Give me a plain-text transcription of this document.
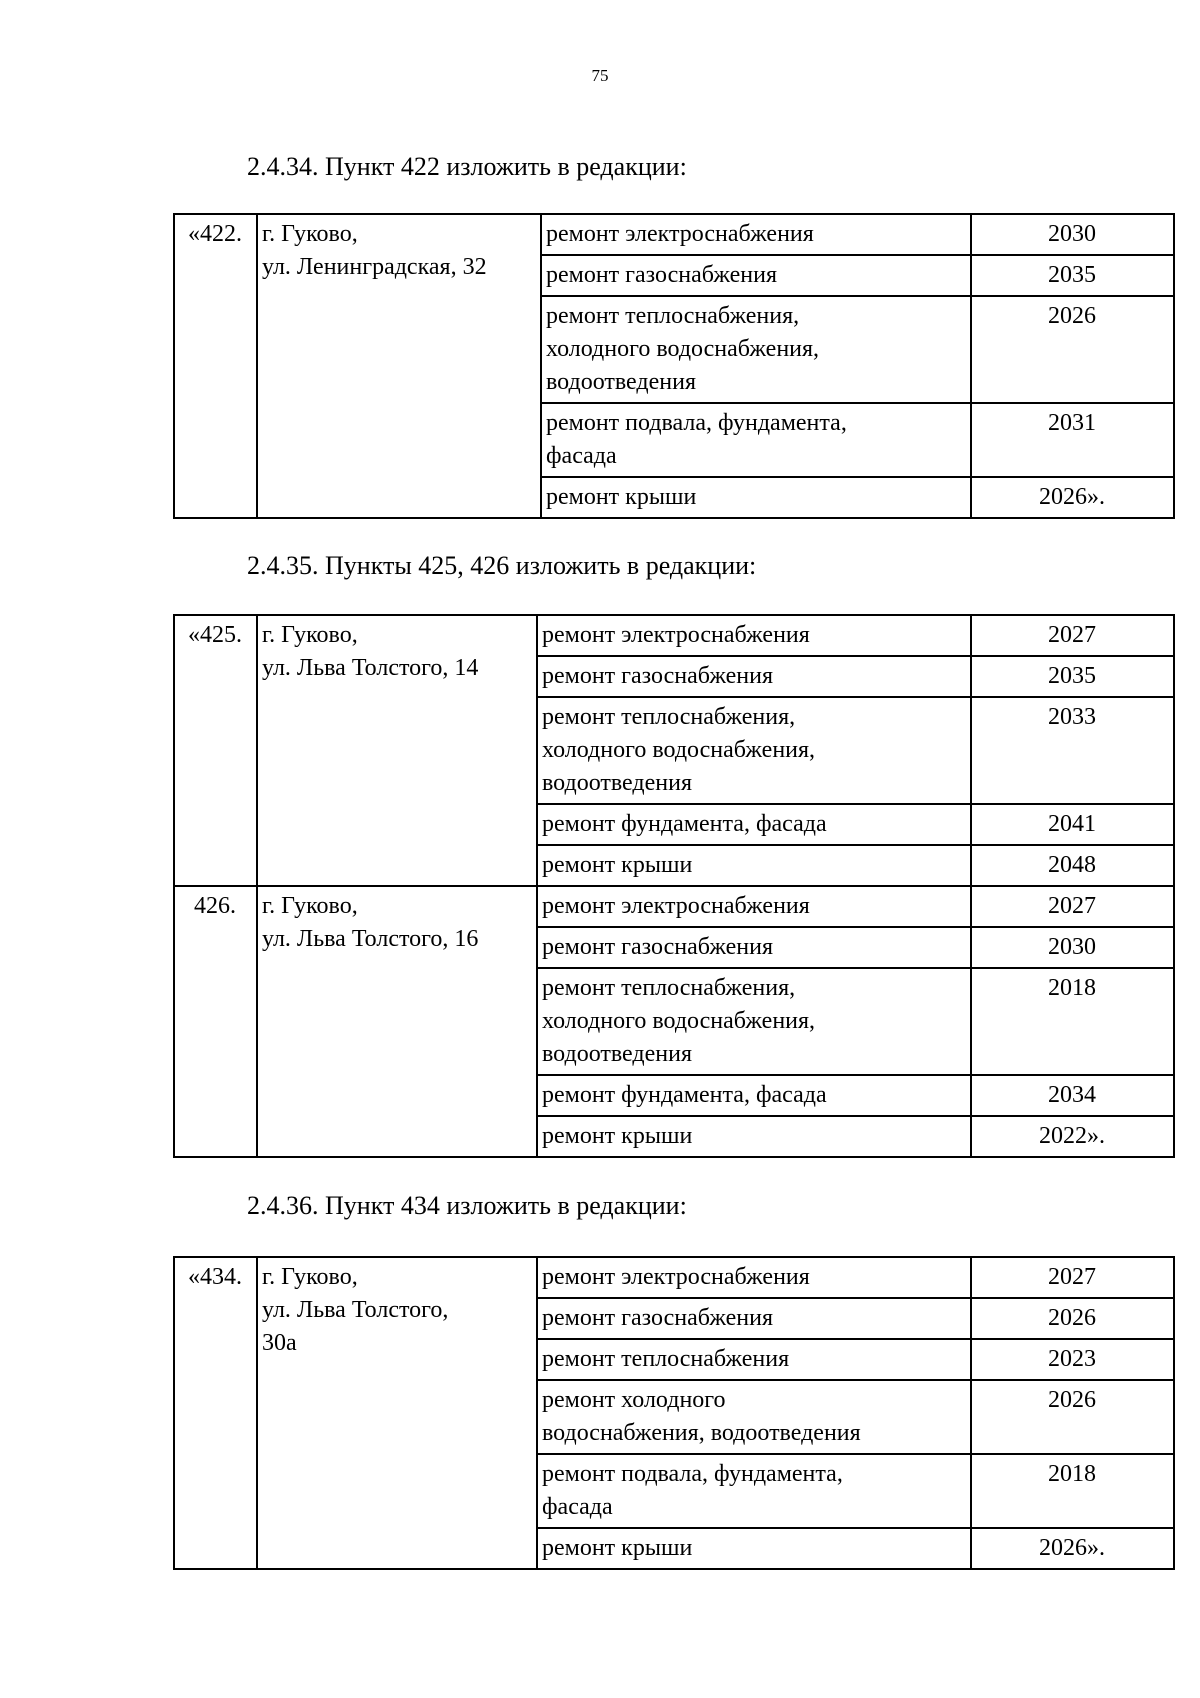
75
2.4.34. Пункт 422 изложить в редакции:
«422.	г. Гуково,
ул. Ленинградская, 32	ремонт электроснабжения	2030

		ремонт газоснабжения	2035

		ремонт теплоснабжения,
холодного водоснабжения,
водоотведения	2026

		ремонт подвала, фундамента,
фасада	2031

		ремонт крыши	2026».
2.4.35. Пункты 425, 426 изложить в редакции:
«425.	г. Гуково,
ул. Льва Толстого, 14	ремонт электроснабжения	2027

		ремонт газоснабжения	2035

		ремонт теплоснабжения,
холодного водоснабжения,
водоотведения	2033

		ремонт фундамента, фасада	2041

		ремонт крыши	2048
426.	г. Гуково,
ул. Льва Толстого, 16	ремонт электроснабжения	2027

		ремонт газоснабжения	2030

		ремонт теплоснабжения,
холодного водоснабжения,
водоотведения	2018

		ремонт фундамента, фасада	2034

		ремонт крыши	2022».
2.4.36. Пункт 434 изложить в редакции:
«434.	г. Гуково,
ул. Льва Толстого,
30а	ремонт электроснабжения	2027

		ремонт газоснабжения	2026

		ремонт теплоснабжения	2023

		ремонт холодного
водоснабжения, водоотведения	2026

		ремонт подвала, фундамента,
фасада	2018

		ремонт крыши	2026».
